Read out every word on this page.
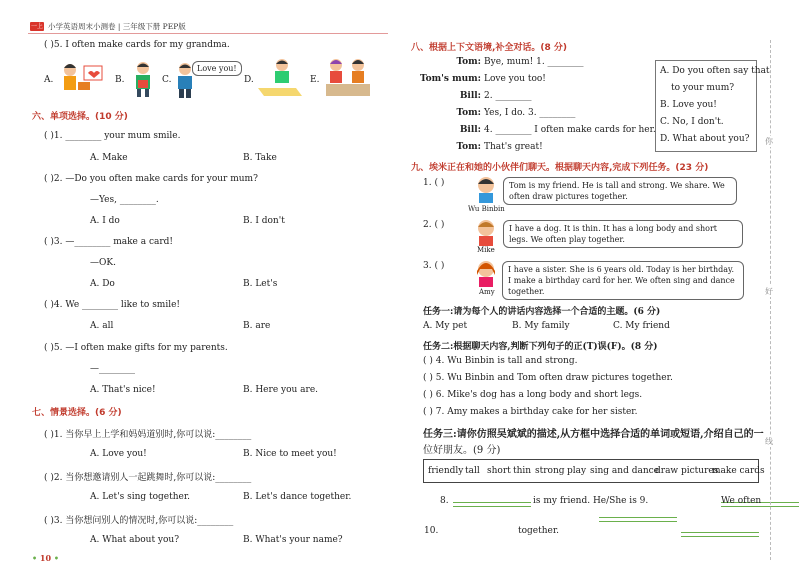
一上 小学英语周末小测卷 | 三年级下册 PEP版
( )5. I often make cards for my grandma.
A.	B.	C.
Love you!
D.	E.
六、单项选择。(10 分)
( )1. ________ your mum smile.
A. Make	B. Take
( )2. —Do you often make cards for your mum?
—Yes, ________.
A. I do	B. I don't
( )3. —________ make a card!
—OK.
A. Do	B. Let's
( )4. We ________ like to smile!
A. all	B. are
( )5. —I often make gifts for my parents.
—________
A. That's nice!	B. Here you are.
七、情景选择。(6 分)
( )1. 当你早上上学和妈妈道别时,你可以说:________
A. Love you!	B. Nice to meet you!
( )2. 当你想邀请别人一起跳舞时,你可以说:________
A. Let's sing together.	B. Let's dance together.
( )3. 当你想问别人的情况时,你可以说:________
A. What about you?	B. What's your name?
• 10 •
八、根据上下文语境,补全对话。(8 分)
Tom: Bye, mum! 1. ________
Tom's mum: Love you too!
Bill: 2. ________
Tom: Yes, I do. 3. ________
Bill: 4. ________ I often make cards for her.
Tom: That's great!
A. Do you often say that
to your mum?
B. Love you!
C. No, I don't.
D. What about you?
九、埃米正在和她的小伙伴们聊天。根据聊天内容,完成下列任务。(23 分)
1. ( )
Wu Binbin
Tom is my friend. He is tall and strong. We share. We often draw pictures together.
2. ( )
Mike
I have a dog. It is thin. It has a long body and short legs. We often play together.
3. ( )
Amy
I have a sister. She is 6 years old. Today is her birthday. I make a birthday card for her. We often sing and dance together.
任务一:请为每个人的讲话内容选择一个合适的主题。(6 分)
A. My pet	B. My family	C. My friend
任务二:根据聊天内容,判断下列句子的正(T)误(F)。(8 分)
( ) 4. Wu Binbin is tall and strong.
( ) 5. Wu Binbin and Tom often draw pictures together.
( ) 6. Mike's dog has a long body and short legs.
( ) 7. Amy makes a birthday cake for her sister.
任务三:请你仿照吴斌斌的描述,从方框中选择合适的单词或短语,介绍自己的一
位好朋友。(9 分)
friendly tall short thin strong play sing and dance
draw pictures
make cards
8.
	is my friend. He/She is 9.
	We often

10.	together.
你
好
线
